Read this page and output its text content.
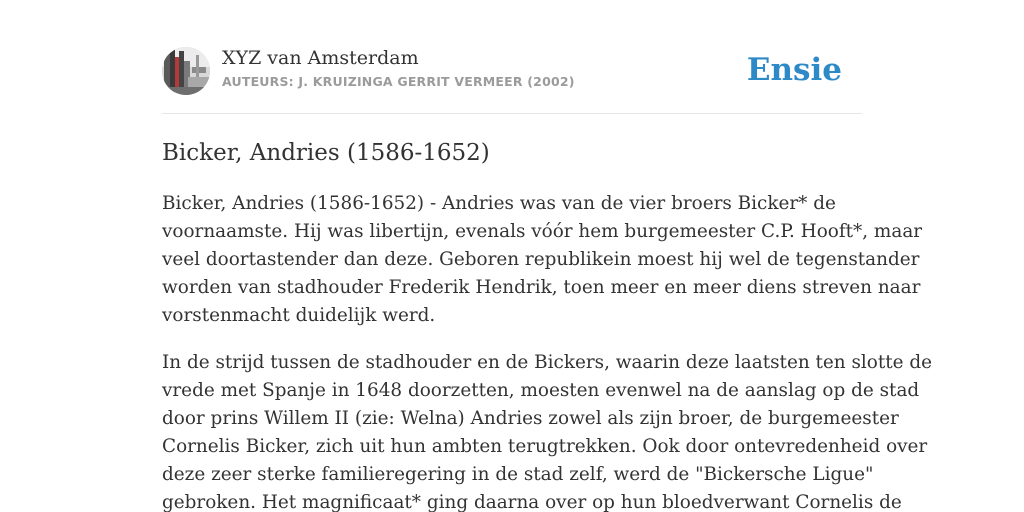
XYZ van Amsterdam
AUTEURS: J. KRUIZINGA GERRIT VERMEER (2002)	Ensie
Bicker, Andries (1586-1652)

Bicker, Andries (1586-1652) - Andries was van de vier broers Bicker* de
voornaamste. Hij was libertijn, evenals vóór hem burgemeester C.P. Hooft*, maar
veel doortastender dan deze. Geboren republikein moest hij wel de tegenstander
worden van stadhouder Frederik Hendrik, toen meer en meer diens streven naar
vorstenmacht duidelijk werd.

In de strijd tussen de stadhouder en de Bickers, waarin deze laatsten ten slotte de
vrede met Spanje in 1648 doorzetten, moesten evenwel na de aanslag op de stad
door prins Willem II (zie: Welna) Andries zowel als zijn broer, de burgemeester
Cornelis Bicker, zich uit hun ambten terugtrekken. Ook door ontevredenheid over
deze zeer sterke familieregering in de stad zelf, werd de "Bickersche Ligue"
gebroken. Het magnificaat* ging daarna over op hun bloedverwant Cornelis de
